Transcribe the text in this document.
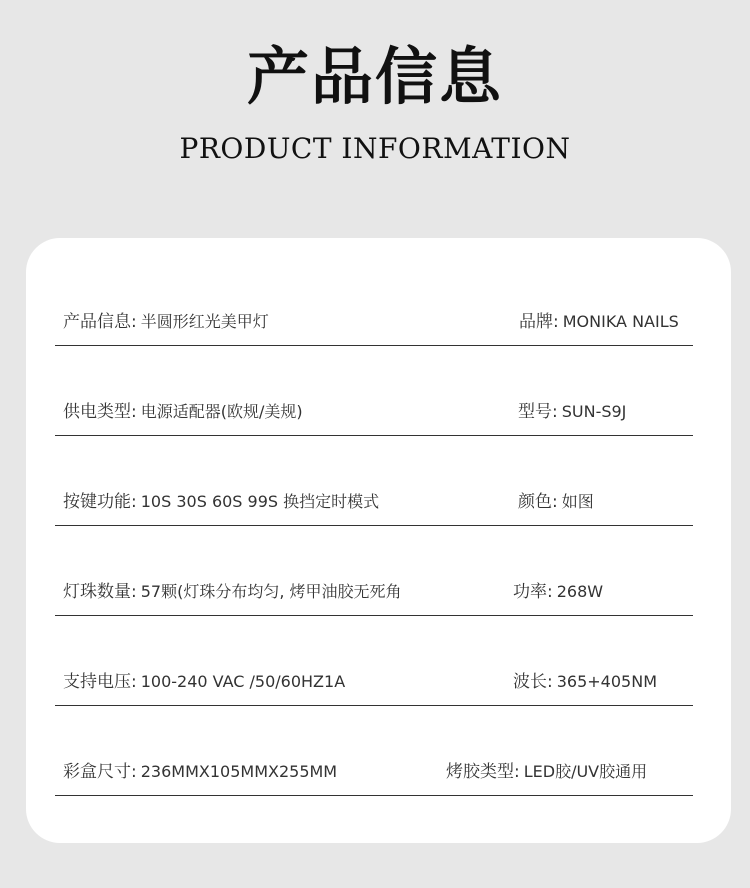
产品信息
PRODUCT INFORMATION
产品信息: 半圆形红光美甲灯	品牌: MONIKA NAILS
供电类型: 电源适配器(欧规/美规)	型号: SUN-S9J
按键功能: 10S 30S 60S 99S 换挡定时模式	颜色: 如图
灯珠数量: 57颗(灯珠分布均匀, 烤甲油胶无死角	功率: 268W
支持电压: 100-240 VAC /50/60HZ1A	波长: 365+405NM
彩盒尺寸: 236MMX105MMX255MM	烤胶类型: LED胶/UV胶通用
